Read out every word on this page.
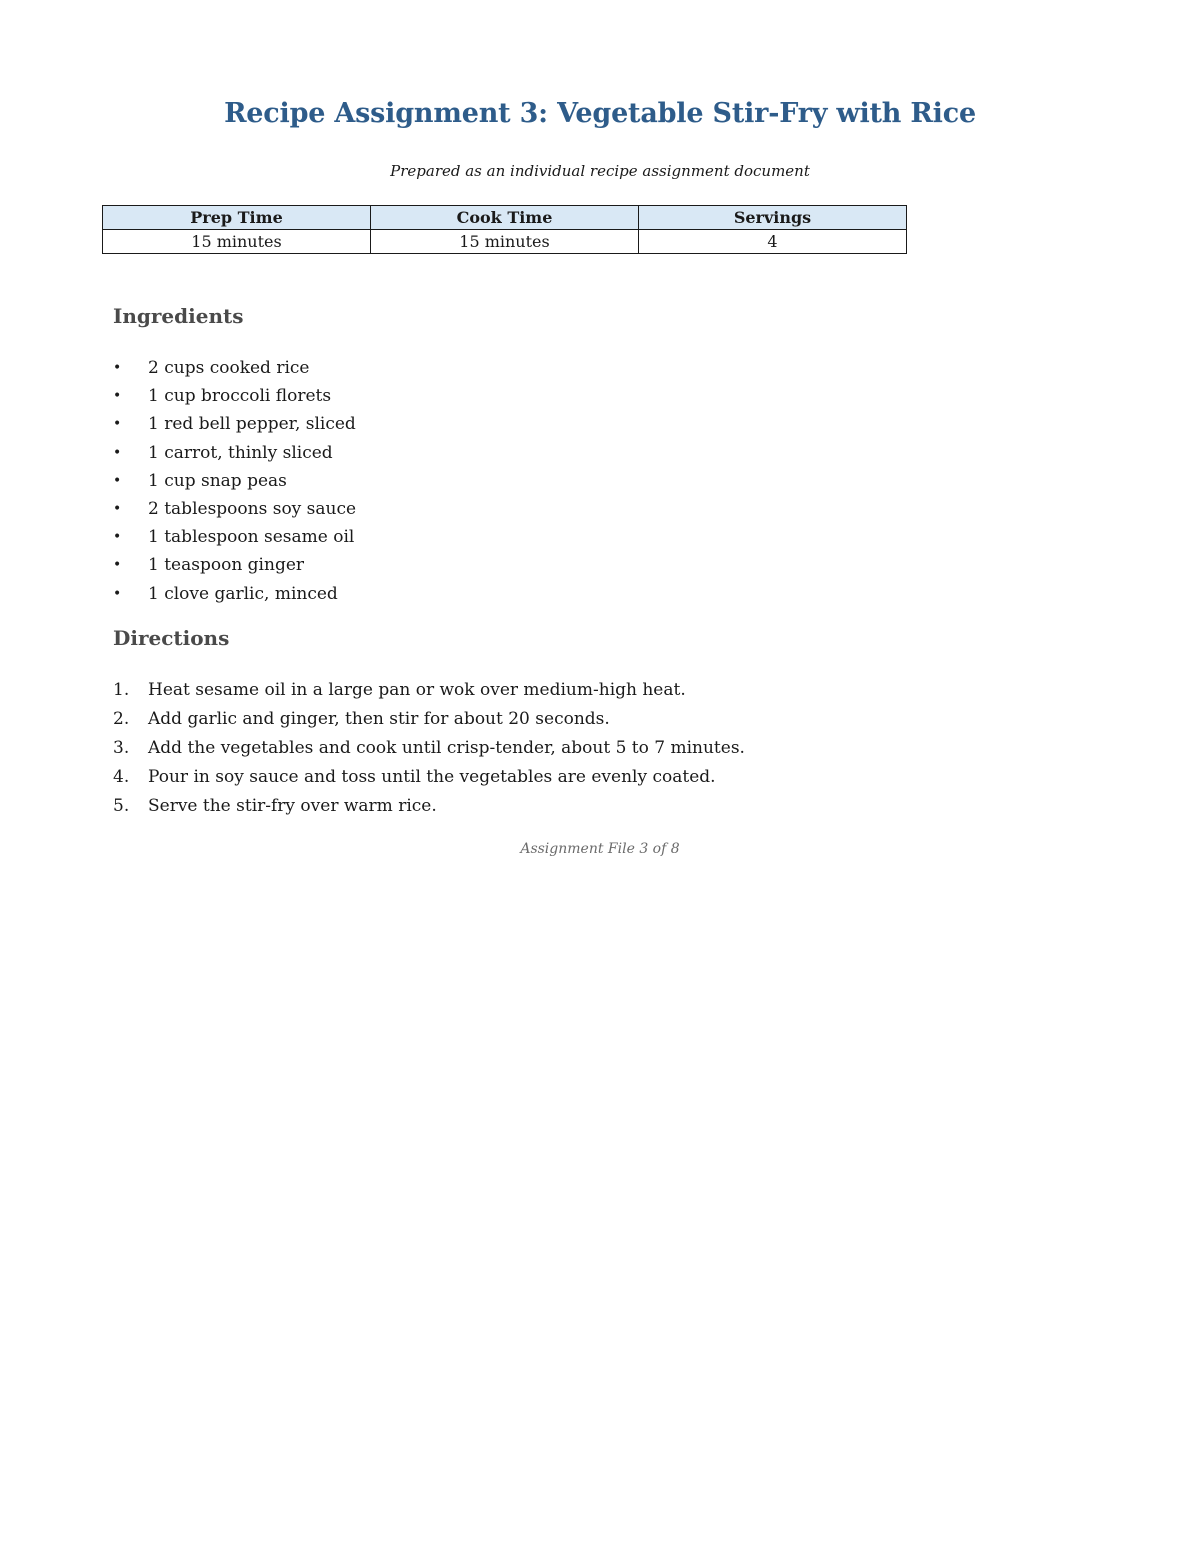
Recipe Assignment 3: Vegetable Stir-Fry with Rice
Prepared as an individual recipe assignment document
Prep Time	Cook Time	Servings
15 minutes	15 minutes	4
Ingredients
• 2 cups cooked rice
• 1 cup broccoli florets
• 1 red bell pepper, sliced
• 1 carrot, thinly sliced
• 1 cup snap peas
• 2 tablespoons soy sauce
• 1 tablespoon sesame oil
• 1 teaspoon ginger
• 1 clove garlic, minced
Directions
1. Heat sesame oil in a large pan or wok over medium-high heat.
2. Add garlic and ginger, then stir for about 20 seconds.
3. Add the vegetables and cook until crisp-tender, about 5 to 7 minutes.
4. Pour in soy sauce and toss until the vegetables are evenly coated.
5. Serve the stir-fry over warm rice.
Assignment File 3 of 8
